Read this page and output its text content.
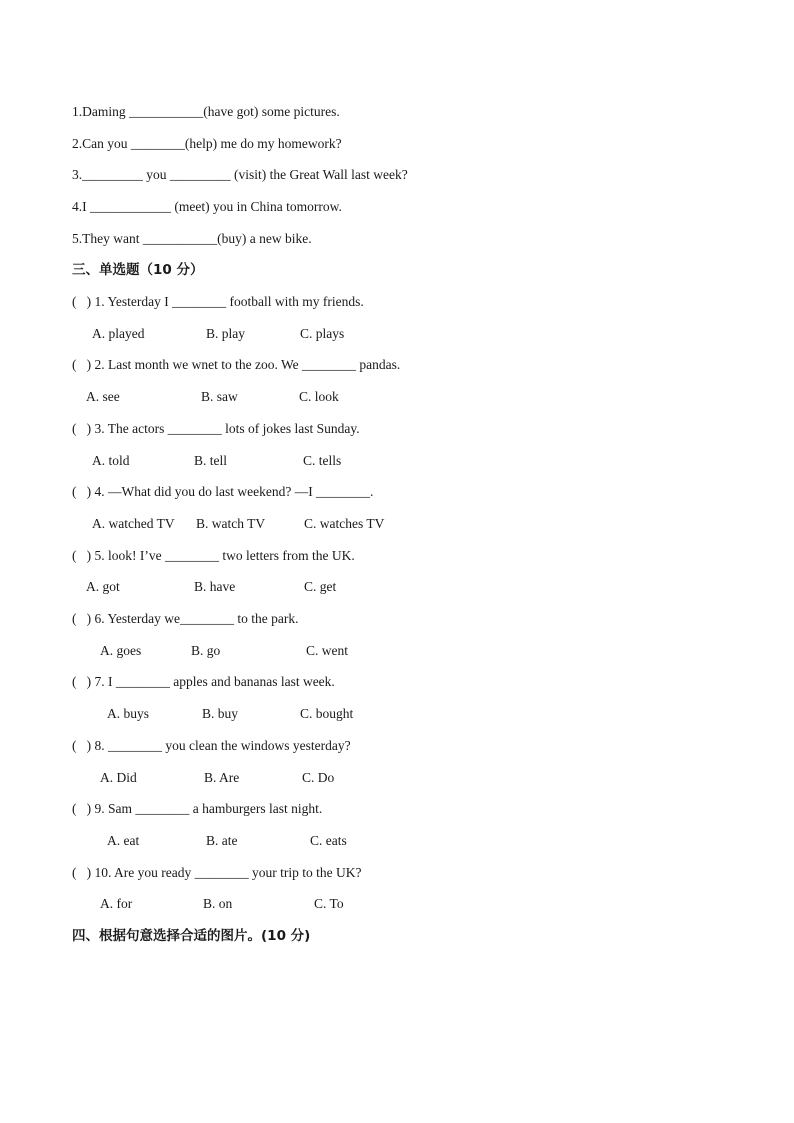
1.Daming ___________(have got) some pictures.
2.Can you ________(help) me do my homework?
3._________ you _________ (visit) the Great Wall last week?
4.I ____________ (meet) you in China tomorrow.
5.They want ___________(buy) a new bike.
三、单选题（10 分）
(   ) 1. Yesterday I ________ football with my friends.
A. played	B. play	C. plays
(   ) 2. Last month we wnet to the zoo. We ________ pandas.
A. see	B. saw	C. look
(   ) 3. The actors ________ lots of jokes last Sunday.
A. told	B. tell	C. tells
(   ) 4. —What did you do last weekend? —I ________.
A. watched TV B. watch TV	C. watches TV
(   ) 5. look! I’ve ________ two letters from the UK.
A. got	B. have	C. get
(   ) 6. Yesterday we________ to the park.
A. goes	B. go	C. went
(   ) 7. I ________ apples and bananas last week.
A. buys	B. buy	C. bought
(   ) 8. ________ you clean the windows yesterday?
A. Did	B. Are	C. Do
(   ) 9. Sam ________ a hamburgers last night.
A. eat	B. ate	C. eats
(   ) 10. Are you ready ________ your trip to the UK?
A. for	B. on	C. To
四、根据句意选择合适的图片。(10 分)
